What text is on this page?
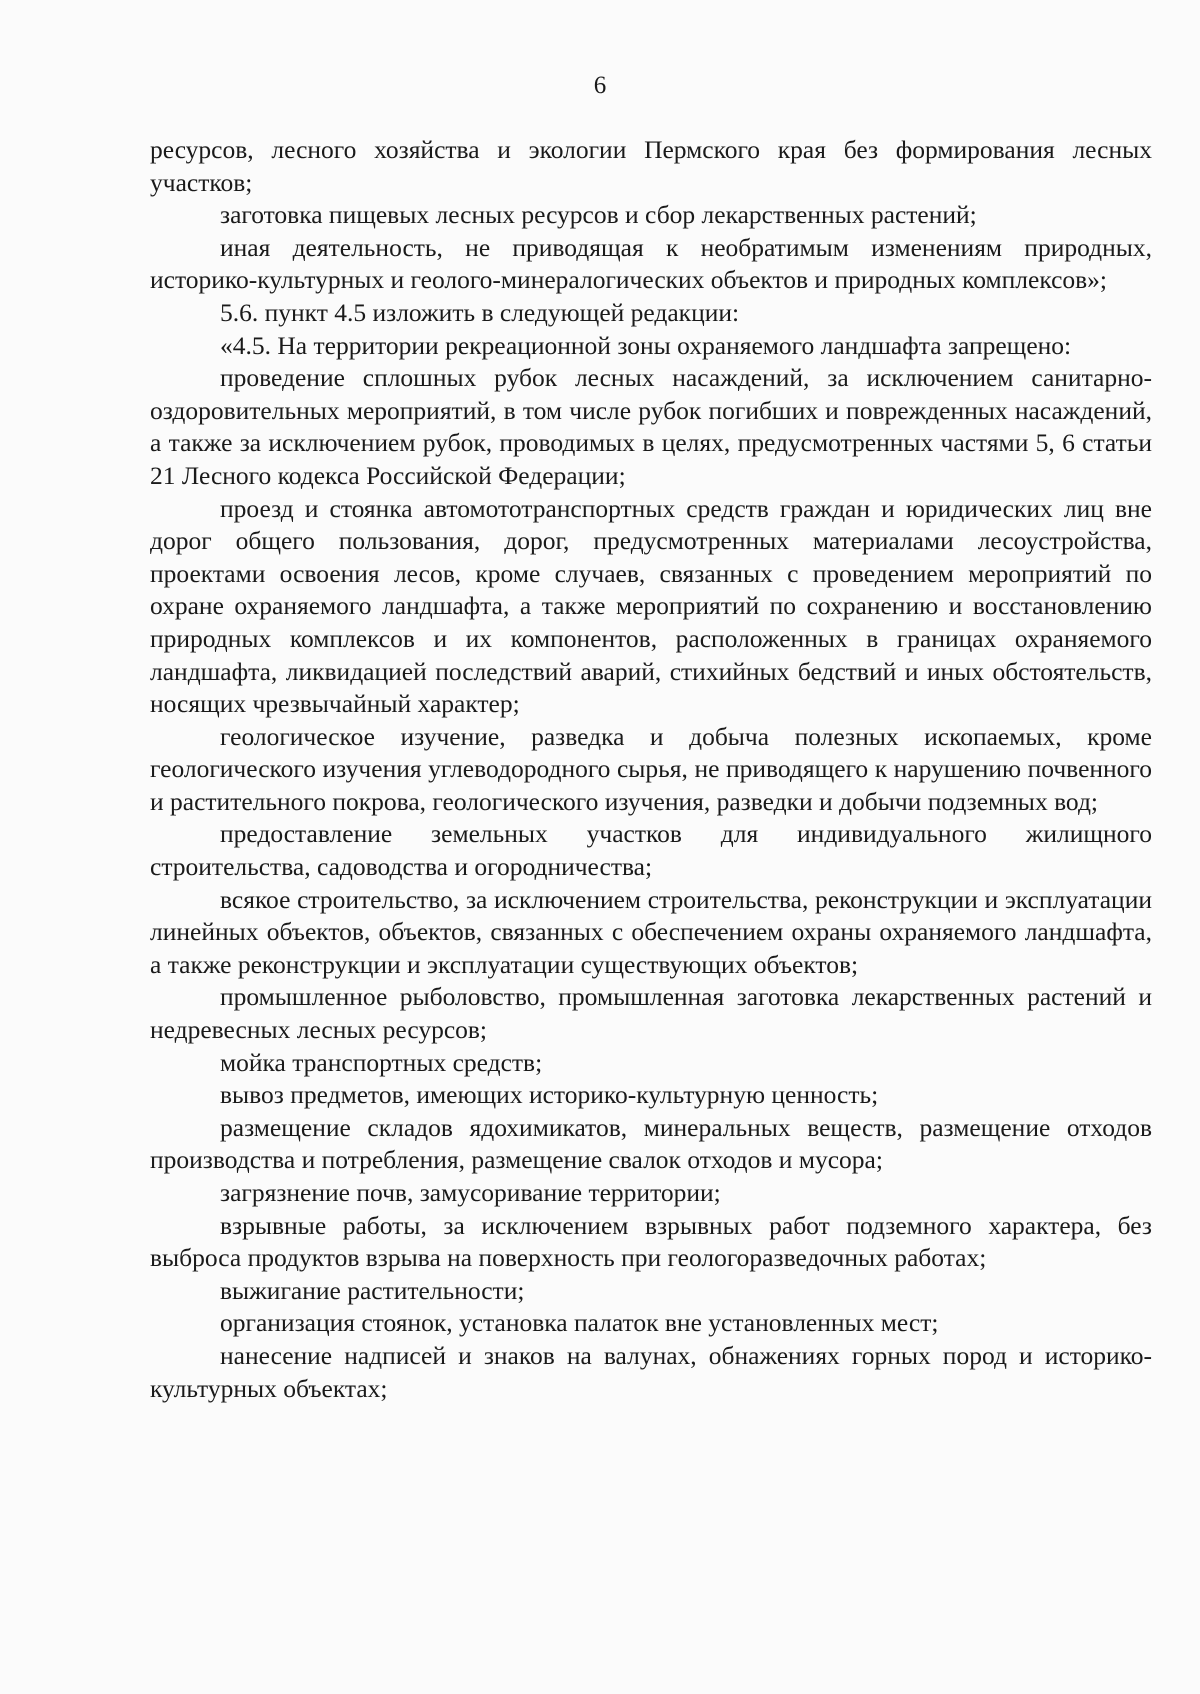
6

ресурсов, лесного хозяйства и экологии Пермского края без формирования лесных участков;

заготовка пищевых лесных ресурсов и сбор лекарственных растений;

иная деятельность, не приводящая к необратимым изменениям природных, историко-культурных и геолого-минералогических объектов и природных комплексов»;

5.6. пункт 4.5 изложить в следующей редакции:

«4.5. На территории рекреационной зоны охраняемого ландшафта запрещено:

проведение сплошных рубок лесных насаждений, за исключением санитарно-оздоровительных мероприятий, в том числе рубок погибших и поврежденных насаждений, а также за исключением рубок, проводимых в целях, предусмотренных частями 5, 6 статьи 21 Лесного кодекса Российской Федерации;

проезд и стоянка автомототранспортных средств граждан и юридических лиц вне дорог общего пользования, дорог, предусмотренных материалами лесоустройства, проектами освоения лесов, кроме случаев, связанных с проведением мероприятий по охране охраняемого ландшафта, а также мероприятий по сохранению и восстановлению природных комплексов и их компонентов, расположенных в границах охраняемого ландшафта, ликвидацией последствий аварий, стихийных бедствий и иных обстоятельств, носящих чрезвычайный характер;

геологическое изучение, разведка и добыча полезных ископаемых, кроме геологического изучения углеводородного сырья, не приводящего к нарушению почвенного и растительного покрова, геологического изучения, разведки и добычи подземных вод;

предоставление земельных участков для индивидуального жилищного строительства, садоводства и огородничества;

всякое строительство, за исключением строительства, реконструкции и эксплуатации линейных объектов, объектов, связанных с обеспечением охраны охраняемого ландшафта, а также реконструкции и эксплуатации существующих объектов;

промышленное рыболовство, промышленная заготовка лекарственных растений и недревесных лесных ресурсов;

мойка транспортных средств;

вывоз предметов, имеющих историко-культурную ценность;

размещение складов ядохимикатов, минеральных веществ, размещение отходов производства и потребления, размещение свалок отходов и мусора;

загрязнение почв, замусоривание территории;

взрывные работы, за исключением взрывных работ подземного характера, без выброса продуктов взрыва на поверхность при геологоразведочных работах;

выжигание растительности;

организация стоянок, установка палаток вне установленных мест;

нанесение надписей и знаков на валунах, обнажениях горных пород и историко-культурных объектах;
